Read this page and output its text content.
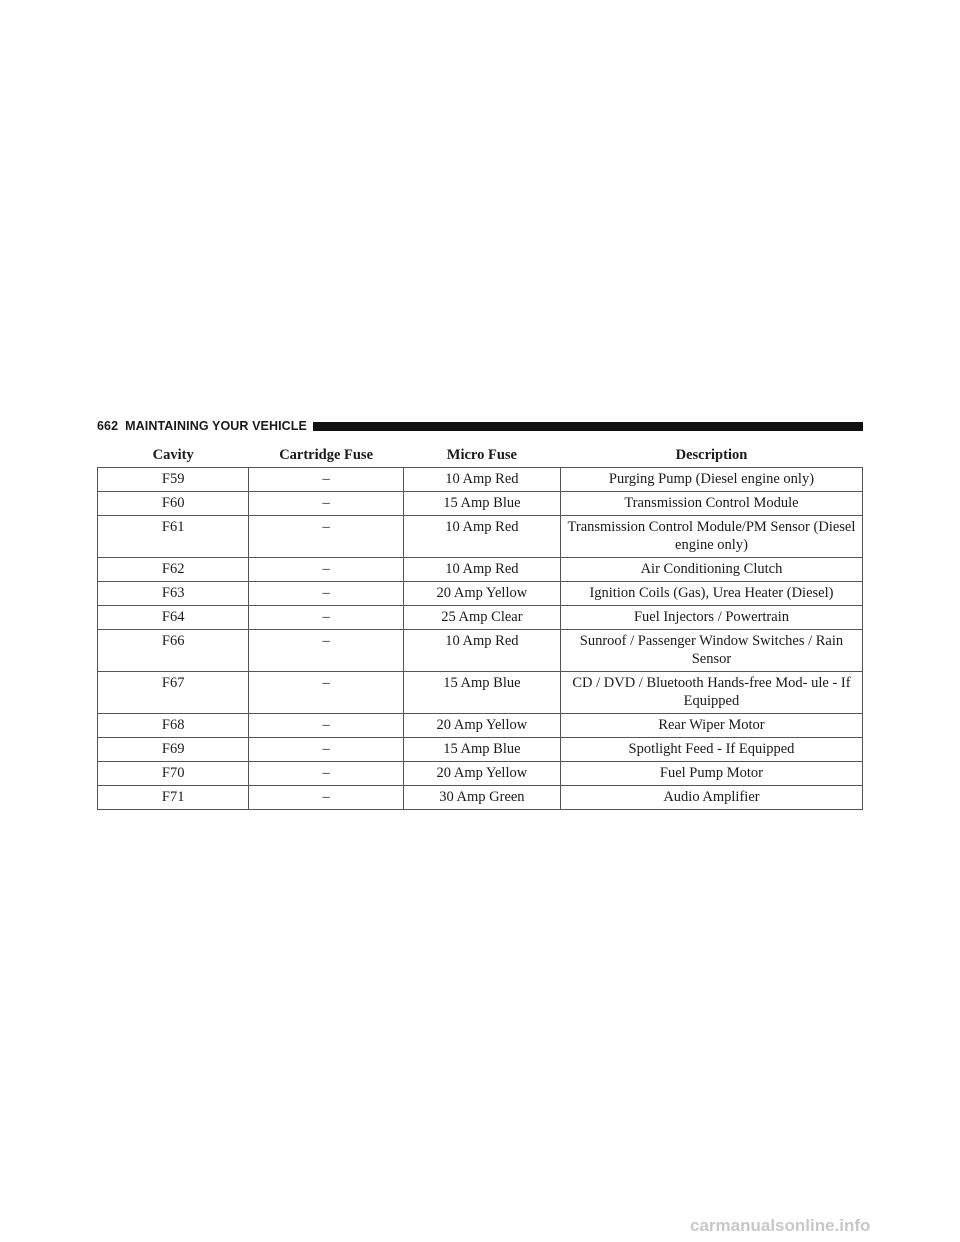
662 MAINTAINING YOUR VEHICLE
Cavity	Cartridge Fuse	Micro Fuse	Description
F59	–	10 Amp Red	Purging Pump (Diesel engine only)
F60	–	15 Amp Blue	Transmission Control Module
F61	–	10 Amp Red	Transmission Control Module/PM Sensor (Diesel engine only)
F62	–	10 Amp Red	Air Conditioning Clutch
F63	–	20 Amp Yellow	Ignition Coils (Gas), Urea Heater (Diesel)
F64	–	25 Amp Clear	Fuel Injectors / Powertrain
F66	–	10 Amp Red	Sunroof / Passenger Window Switches / Rain Sensor
F67	–	15 Amp Blue	CD / DVD / Bluetooth Hands-free Mod- ule - If Equipped
F68	–	20 Amp Yellow	Rear Wiper Motor
F69	–	15 Amp Blue	Spotlight Feed - If Equipped
F70	–	20 Amp Yellow	Fuel Pump Motor
F71	–	30 Amp Green	Audio Amplifier
carmanualsonline.info
